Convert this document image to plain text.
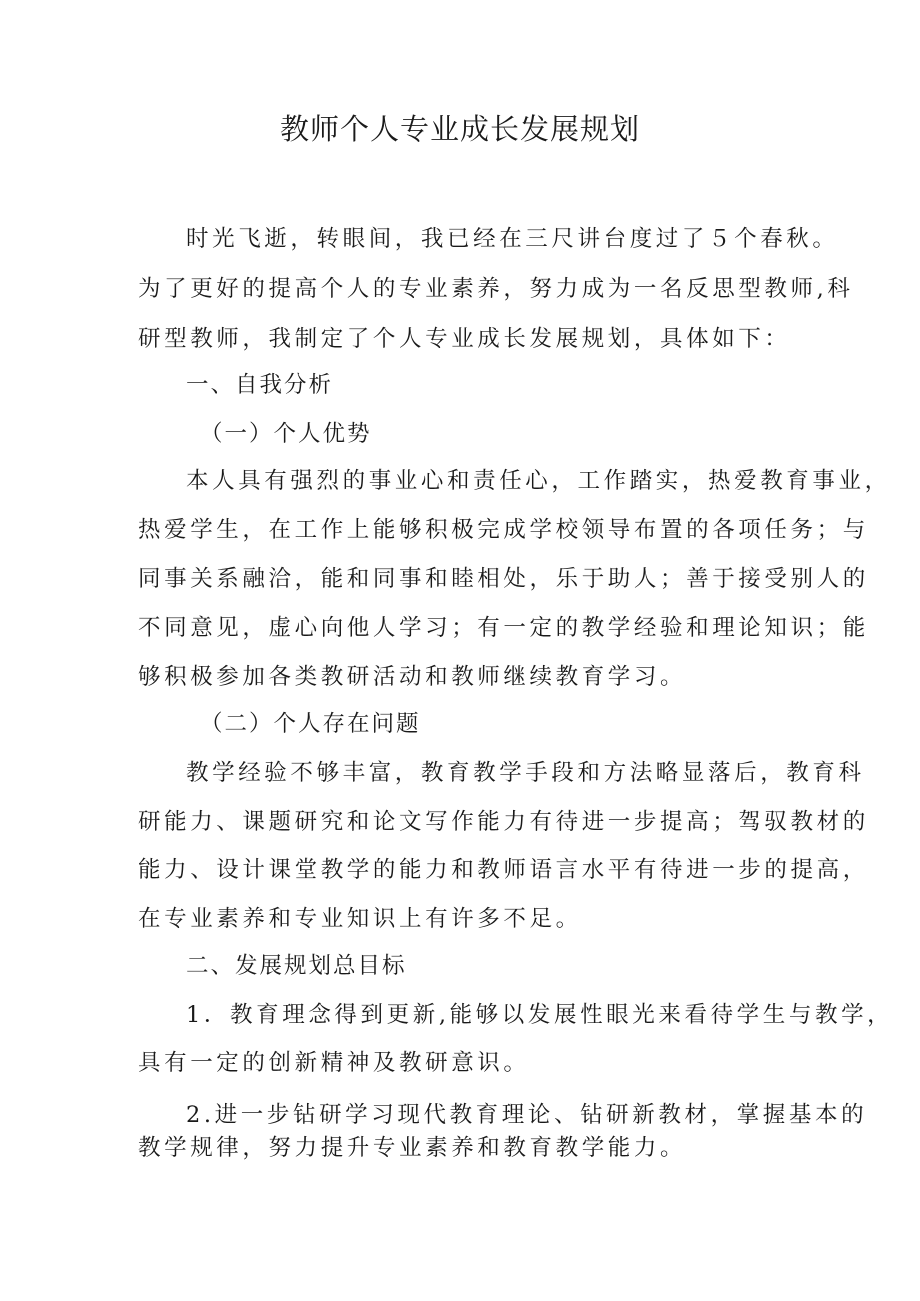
教师个人专业成长发展规划
时光飞逝，转眼间，我已经在三尺讲台度过了５个春秋。
为了更好的提高个人的专业素养，努力成为一名反思型教师,科
研型教师，我制定了个人专业成长发展规划，具体如下：
一、自我分析
（一）个人优势
本人具有强烈的事业心和责任心，工作踏实，热爱教育事业，
热爱学生，在工作上能够积极完成学校领导布置的各项任务；与
同事关系融洽，能和同事和睦相处，乐于助人；善于接受别人的
不同意见，虚心向他人学习；有一定的教学经验和理论知识；能
够积极参加各类教研活动和教师继续教育学习。
（二）个人存在问题
教学经验不够丰富，教育教学手段和方法略显落后，教育科
研能力、课题研究和论文写作能力有待进一步提高；驾驭教材的
能力、设计课堂教学的能力和教师语言水平有待进一步的提高，
在专业素养和专业知识上有许多不足。
二、发展规划总目标
1．教育理念得到更新,能够以发展性眼光来看待学生与教学，
具有一定的创新精神及教研意识。
2.进一步钻研学习现代教育理论、钻研新教材，掌握基本的
教学规律，努力提升专业素养和教育教学能力。
